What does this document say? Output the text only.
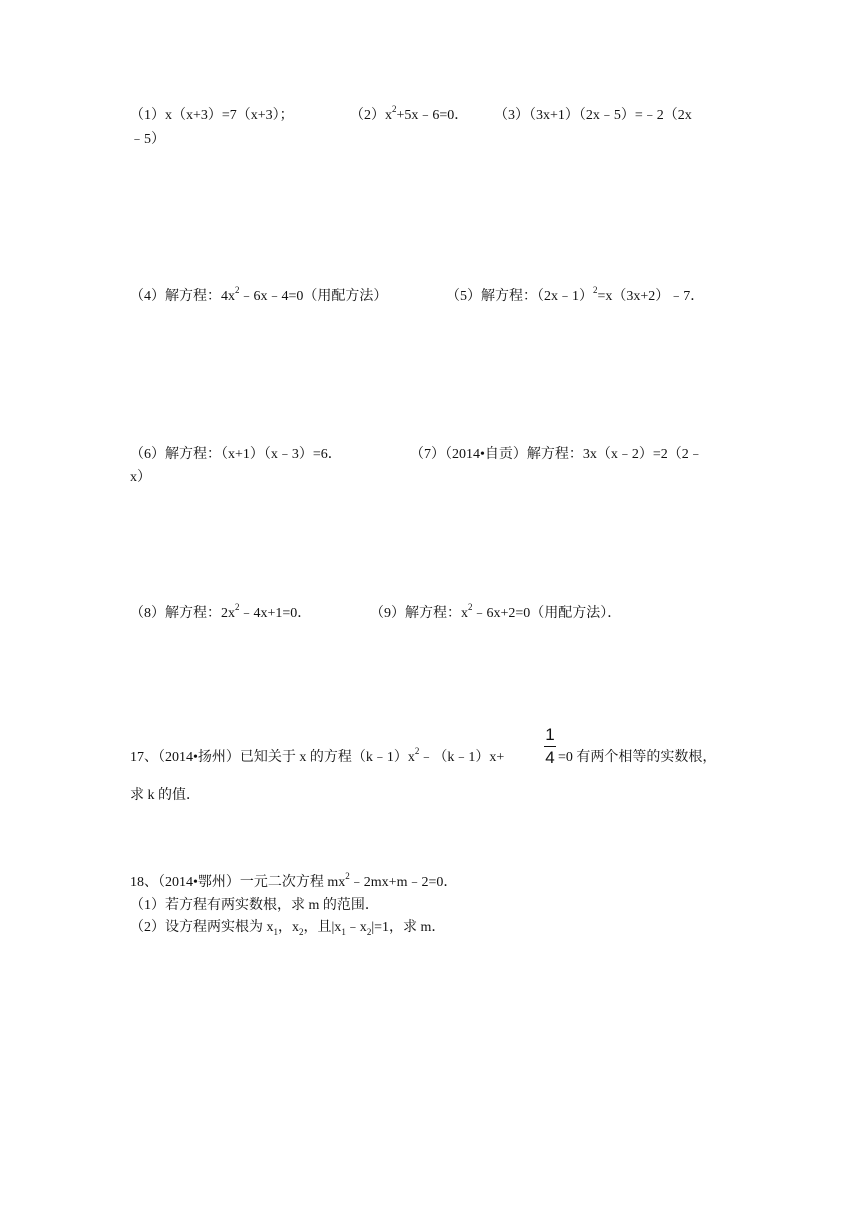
（1）x（x+3）=7（x+3）；	$(2)x^2+5x﹣6=0$． （3）（3x+1）（2x﹣5）=﹣2（2x
﹣5）
（4）解方程：$4x^2﹣6x﹣4=0$（用配方法）	（5）解方程：（2x﹣1）$^2$=x（3x+2）﹣7．
（6）解方程：（x+1）（x﹣3）=6．	（7）（2014•自贡）解方程：3x（x﹣2）=2（2﹣
x）
（8）解方程：$2x^2﹣4x+1=0$．	（9）解方程：$x^2﹣6x+2=0$（用配方法）．
17、（2014•扬州）已知关于 x 的方程$(k﹣1)x^2﹣(k﹣1)x+$
1
4 =0 有两个相等的实数根，
求 k 的值．
18、（2014•鄂州）一元二次方程 $mx^2﹣2mx+m﹣2=0$．
（1）若方程有两实数根，求 m 的范围．
（2）设方程两实根为 $x_1$，$x_2$，且$|x_1﹣x_2|=1$，求 m．
